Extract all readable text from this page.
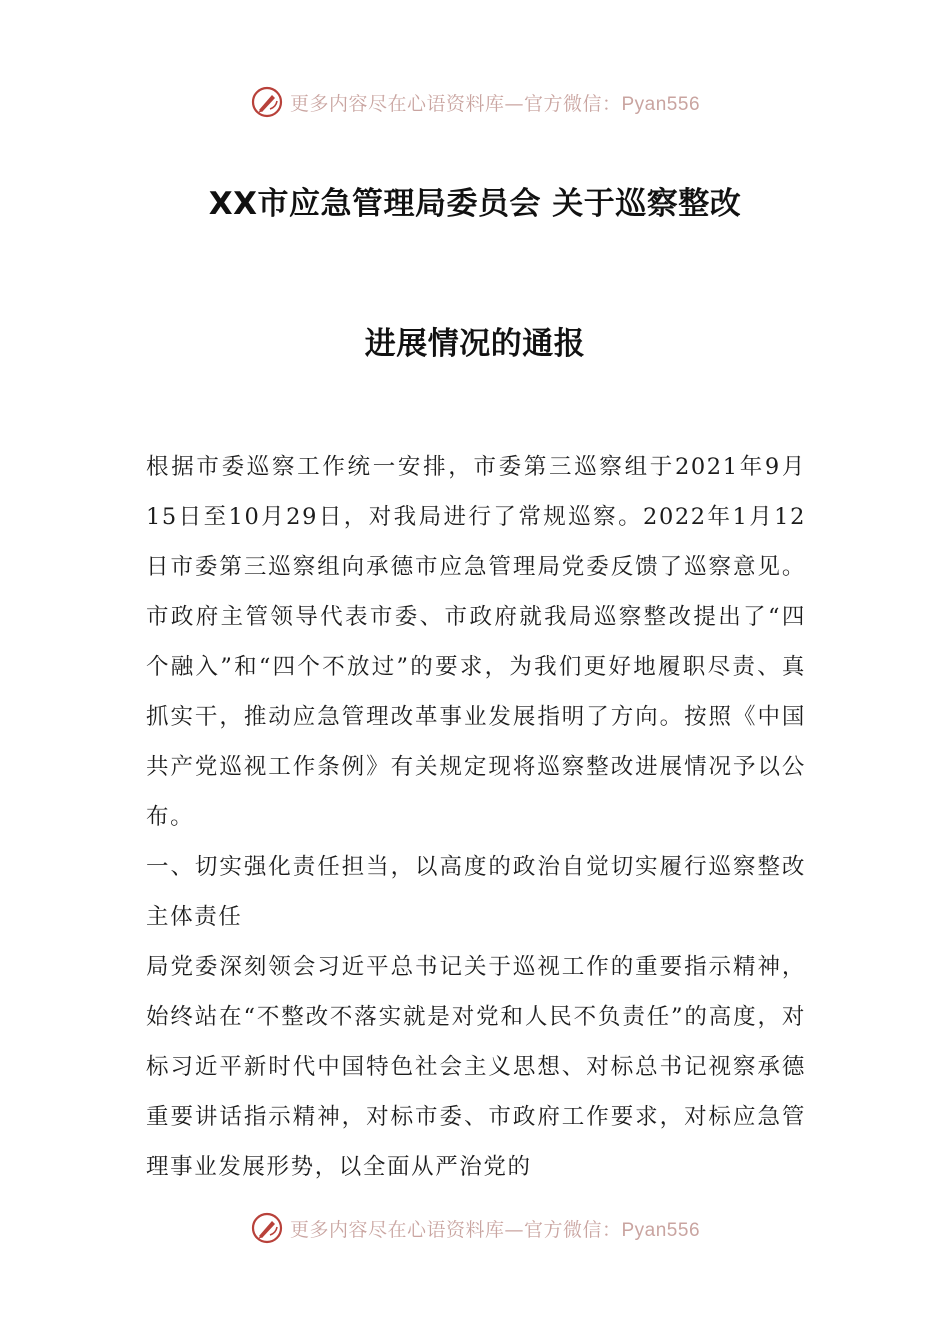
更多内容尽在心语资料库—官方微信：Pyan556
XX市应急管理局委员会 关于巡察整改
进展情况的通报

根据市委巡察工作统一安排，市委第三巡察组于2021年9月15日至10月29日，对我局进行了常规巡察。2022年1月12日市委第三巡察组向承德市应急管理局党委反馈了巡察意见。市政府主管领导代表市委、市政府就我局巡察整改提出了“四个融入”和“四个不放过”的要求，为我们更好地履职尽责、真抓实干，推动应急管理改革事业发展指明了方向。按照《中国共产党巡视工作条例》有关规定现将巡察整改进展情况予以公布。

一、切实强化责任担当，以高度的政治自觉切实履行巡察整改主体责任

局党委深刻领会习近平总书记关于巡视工作的重要指示精神，始终站在“不整改不落实就是对党和人民不负责任”的高度，对标习近平新时代中国特色社会主义思想、对标总书记视察承德重要讲话指示精神，对标市委、市政府工作要求，对标应急管理事业发展形势，以全面从严治党的

更多内容尽在心语资料库—官方微信：Pyan556
